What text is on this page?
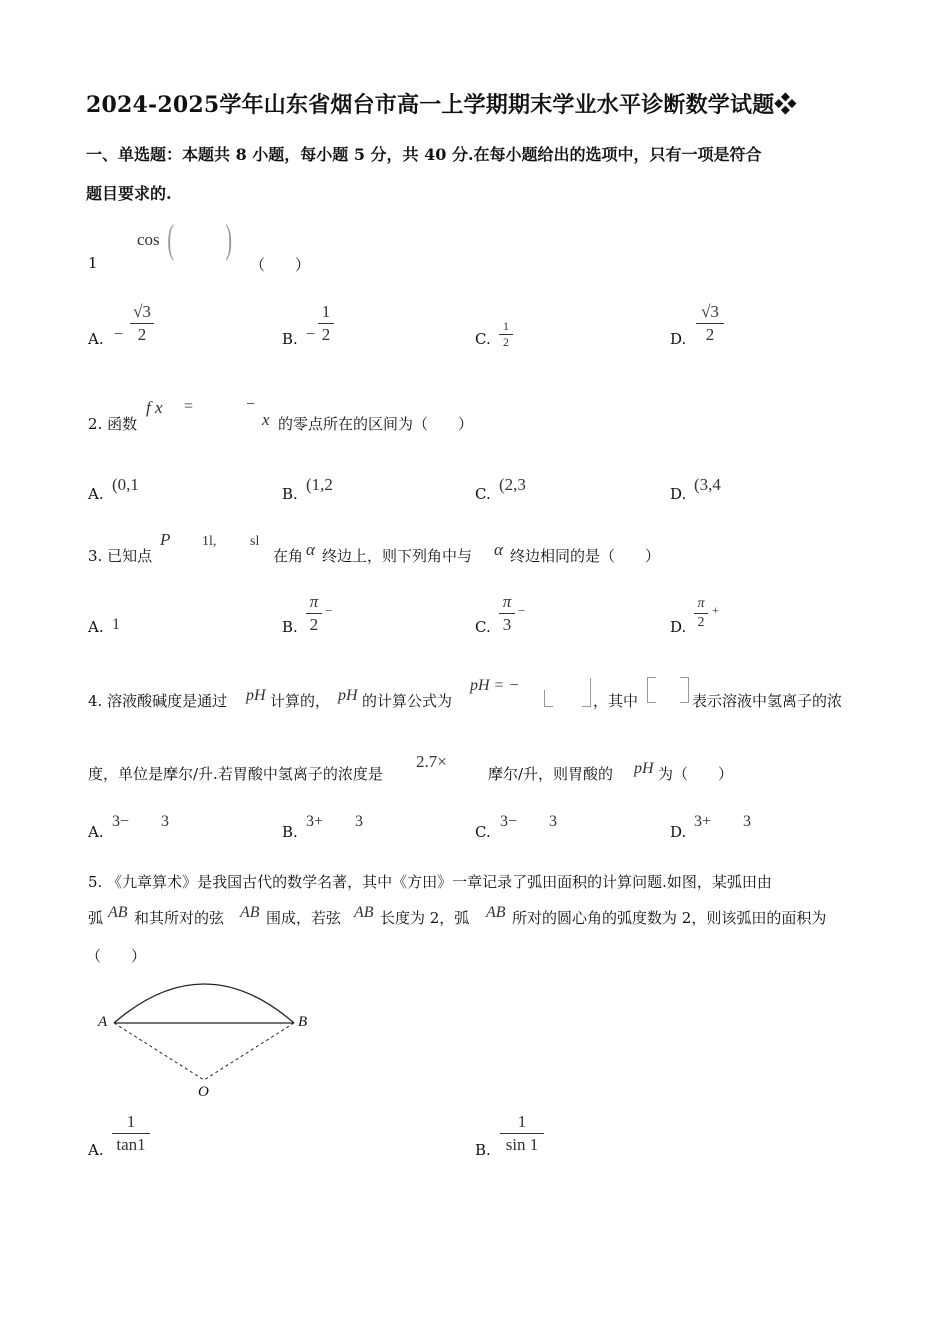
2024-2025学年山东省烟台市高一上学期期末学业水平诊断数学试题❖
一、单选题：本题共 8 小题，每小题 5 分，共 40 分.在每小题给出的选项中，只有一项是符合
题目要求的.
1
cos ( )
（　　）
A. −
√3
2	B. −
1
2	C.
1
2	D.
√3
2
2. 函数
f x =	−
x 的零点所在的区间为（　　）
A. (0,1	B. (1,2	C. (2,3	D. (3,4
3. 已知点
P 1l, sl
在角 α 终边上，则下列角中与 α 终边相同的是（　　）
A. 1	B.
π
2
−
C.
π
3
−
D.
π
2
+
4. 溶液酸碱度是通过 pH 计算的， pH 的计算公式为
pH = −
，其中	表示溶液中氢离子的浓
度，单位是摩尔/升.若胃酸中氢离子的浓度是
2.7×
摩尔/升，则胃酸的 pH 为（　　）
3−　　3
A.
3+　　3
B.
3−　　3
C.
3+　　3
D.
5. 《九章算术》是我国古代的数学名著，其中《方田》一章记录了弧田面积的计算问题.如图，某弧田由
弧 AB 和其所对的弦 AB 围成，若弦 AB 长度为 2，弧 AB 所对的圆心角的弧度数为 2，则该弧田的面积为
（　　）
A	B
O
A.
1
tan1	B.
1
sin 1
